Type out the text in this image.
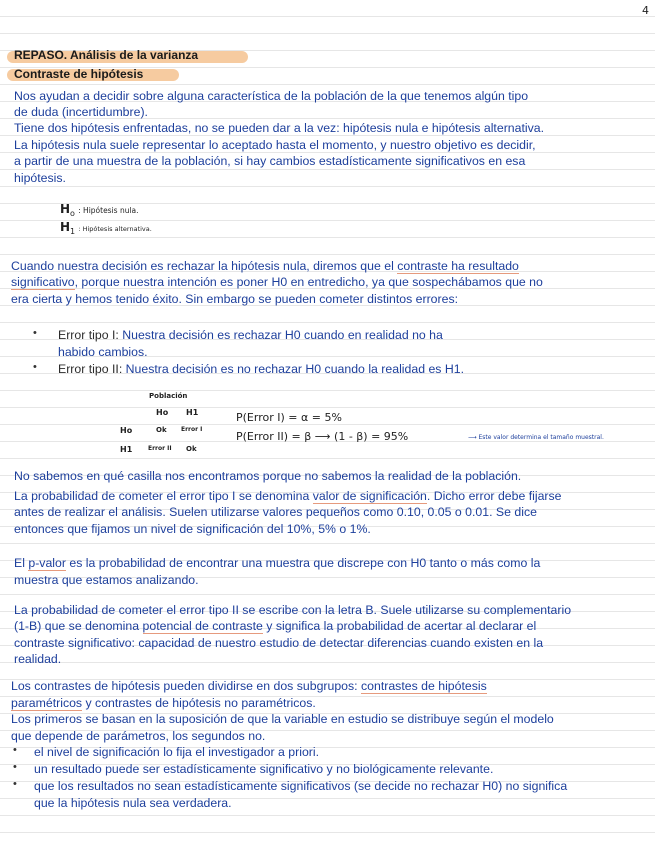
4
REPASO. Análisis de la varianza
Contraste de hipótesis
Nos ayudan a decidir sobre alguna característica de la población de la que tenemos algún tipo
de duda (incertidumbre).
Tiene dos hipótesis enfrentadas, no se pueden dar a la vez: hipótesis nula e hipótesis alternativa.
La hipótesis nula suele representar lo aceptado hasta el momento, y nuestro objetivo es decidir,
a partir de una muestra de la población, si hay cambios estadísticamente significativos en esa
hipótesis.
$H_o$ : Hipótesis nula.
$H_1$ : Hipótesis alternativa.
Cuando nuestra decisión es rechazar la hipótesis nula, diremos que el contraste ha resultado
significativo, porque nuestra intención es poner H0 en entredicho, ya que sospechábamos que no
era cierta y hemos tenido éxito. Sin embargo se pueden cometer distintos errores:
• Error tipo I: Nuestra decisión es rechazar H0 cuando en realidad no ha
habido cambios.
• Error tipo II: Nuestra decisión es no rechazar H0 cuando la realidad es H1.
Población
Ho H1
Ho	Ok Error I
H1	Error II Ok
P(Error I) = α = 5%
P(Error II) = β ⟶ (1 - β) = 95%	⟶ Este valor determina el tamaño muestral.
No sabemos en qué casilla nos encontramos porque no sabemos la realidad de la población.
La probabilidad de cometer el error tipo I se denomina valor de significación. Dicho error debe fijarse
antes de realizar el análisis. Suelen utilizarse valores pequeños como 0.10, 0.05 o 0.01. Se dice
entonces que fijamos un nivel de significación del 10%, 5% o 1%.
El p-valor es la probabilidad de encontrar una muestra que discrepe con H0 tanto o más como la
muestra que estamos analizando.
La probabilidad de cometer el error tipo II se escribe con la letra B. Suele utilizarse su complementario
(1-B) que se denomina potencial de contraste y significa la probabilidad de acertar al declarar el
contraste significativo: capacidad de nuestro estudio de detectar diferencias cuando existen en la
realidad.
Los contrastes de hipótesis pueden dividirse en dos subgrupos: contrastes de hipótesis
paramétricos y contrastes de hipótesis no paramétricos.
Los primeros se basan en la suposición de que la variable en estudio se distribuye según el modelo
que depende de parámetros, los segundos no.
• el nivel de significación lo fija el investigador a priori.
• un resultado puede ser estadísticamente significativo y no biológicamente relevante.
• que los resultados no sean estadísticamente significativos (se decide no rechazar H0) no significa
que la hipótesis nula sea verdadera.
